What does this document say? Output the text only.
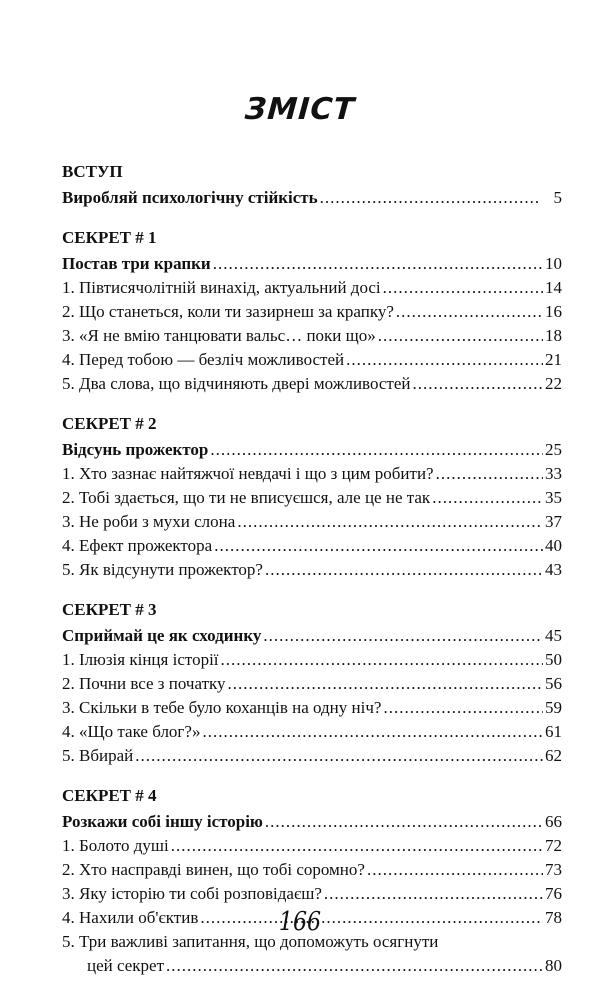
ЗМІСТ
ВСТУП
Виробляй психологічну стійкість .....	5
СЕКРЕТ # 1
Постав три крапки .....	10
1. Півтисячолітній винахід, актуальний досі .....	14
2. Що станеться, коли ти зазирнеш за крапку? .....	16
3. «Я не вмію танцювати вальс… поки що» .....	18
4. Перед тобою — безліч можливостей .....	21
5. Два слова, що відчиняють двері можливостей .....	22
СЕКРЕТ # 2
Відсунь прожектор .....	25
1. Хто зазнає найтяжчої невдачі і що з цим робити? .....	33
2. Тобі здається, що ти не вписуєшся, але це не так .....	35
3. Не роби з мухи слона .....	37
4. Ефект прожектора .....	40
5. Як відсунути прожектор? .....	43
СЕКРЕТ # 3
Сприймай це як сходинку .....	45
1. Ілюзія кінця історії .....	50
2. Почни все з початку .....	56
3. Скільки в тебе було коханців на одну ніч? .....	59
4. «Що таке блог?» .....	61
5. Вбирай .....	62
СЕКРЕТ # 4
Розкажи собі іншу історію .....	66
1. Болото душі .....	72
2. Хто насправді винен, що тобі соромно? .....	73
3. Яку історію ти собі розповідаєш? .....	76
4. Нахили об'єктив .....	78
5. Три важливі запитання, що допоможуть осягнути
цей секрет .....	80
166
